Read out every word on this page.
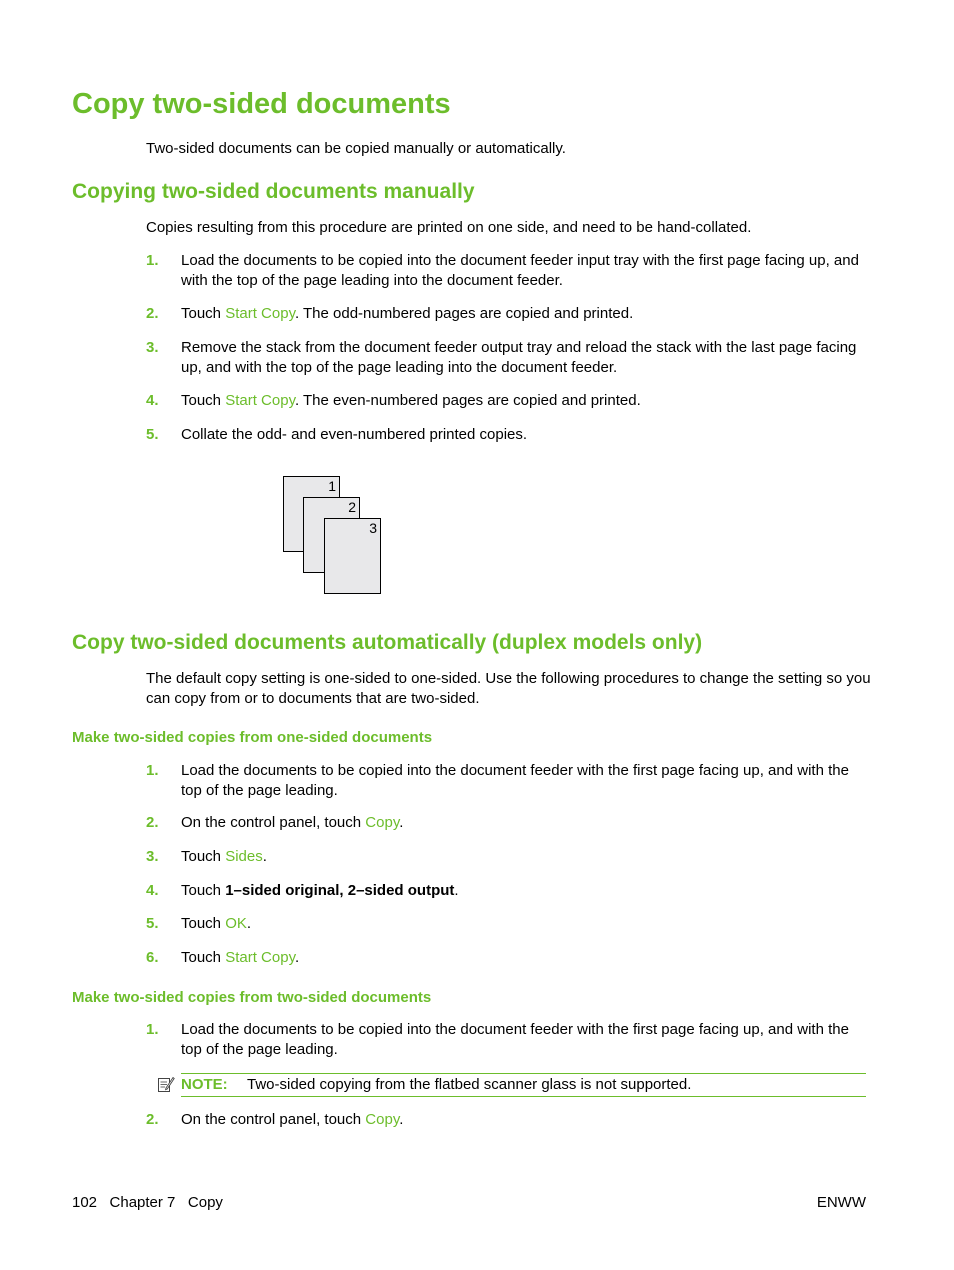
Copy two-sided documents

Two-sided documents can be copied manually or automatically.

Copying two-sided documents manually

Copies resulting from this procedure are printed on one side, and need to be hand-collated.

1.	Load the documents to be copied into the document feeder input tray with the first page facing up, and with the top of the page leading into the document feeder.
2.	Touch Start Copy. The odd-numbered pages are copied and printed.
3.	Remove the stack from the document feeder output tray and reload the stack with the last page facing up, and with the top of the page leading into the document feeder.
4.	Touch Start Copy. The even-numbered pages are copied and printed.
5.	Collate the odd- and even-numbered printed copies.
1
2
3
Copy two-sided documents automatically (duplex models only)

The default copy setting is one-sided to one-sided. Use the following procedures to change the setting so you can copy from or to documents that are two-sided.

Make two-sided copies from one-sided documents
1.	Load the documents to be copied into the document feeder with the first page facing up, and with the top of the page leading.
2.	On the control panel, touch Copy.
3.	Touch Sides.
4.	Touch 1–sided original, 2–sided output.
5.	Touch OK.
6.	Touch Start Copy.
Make two-sided copies from two-sided documents
1.	Load the documents to be copied into the document feeder with the first page facing up, and with the top of the page leading.
NOTE: Two-sided copying from the flatbed scanner glass is not supported.
2.	On the control panel, touch Copy.
102   Chapter 7   Copy	ENWW
